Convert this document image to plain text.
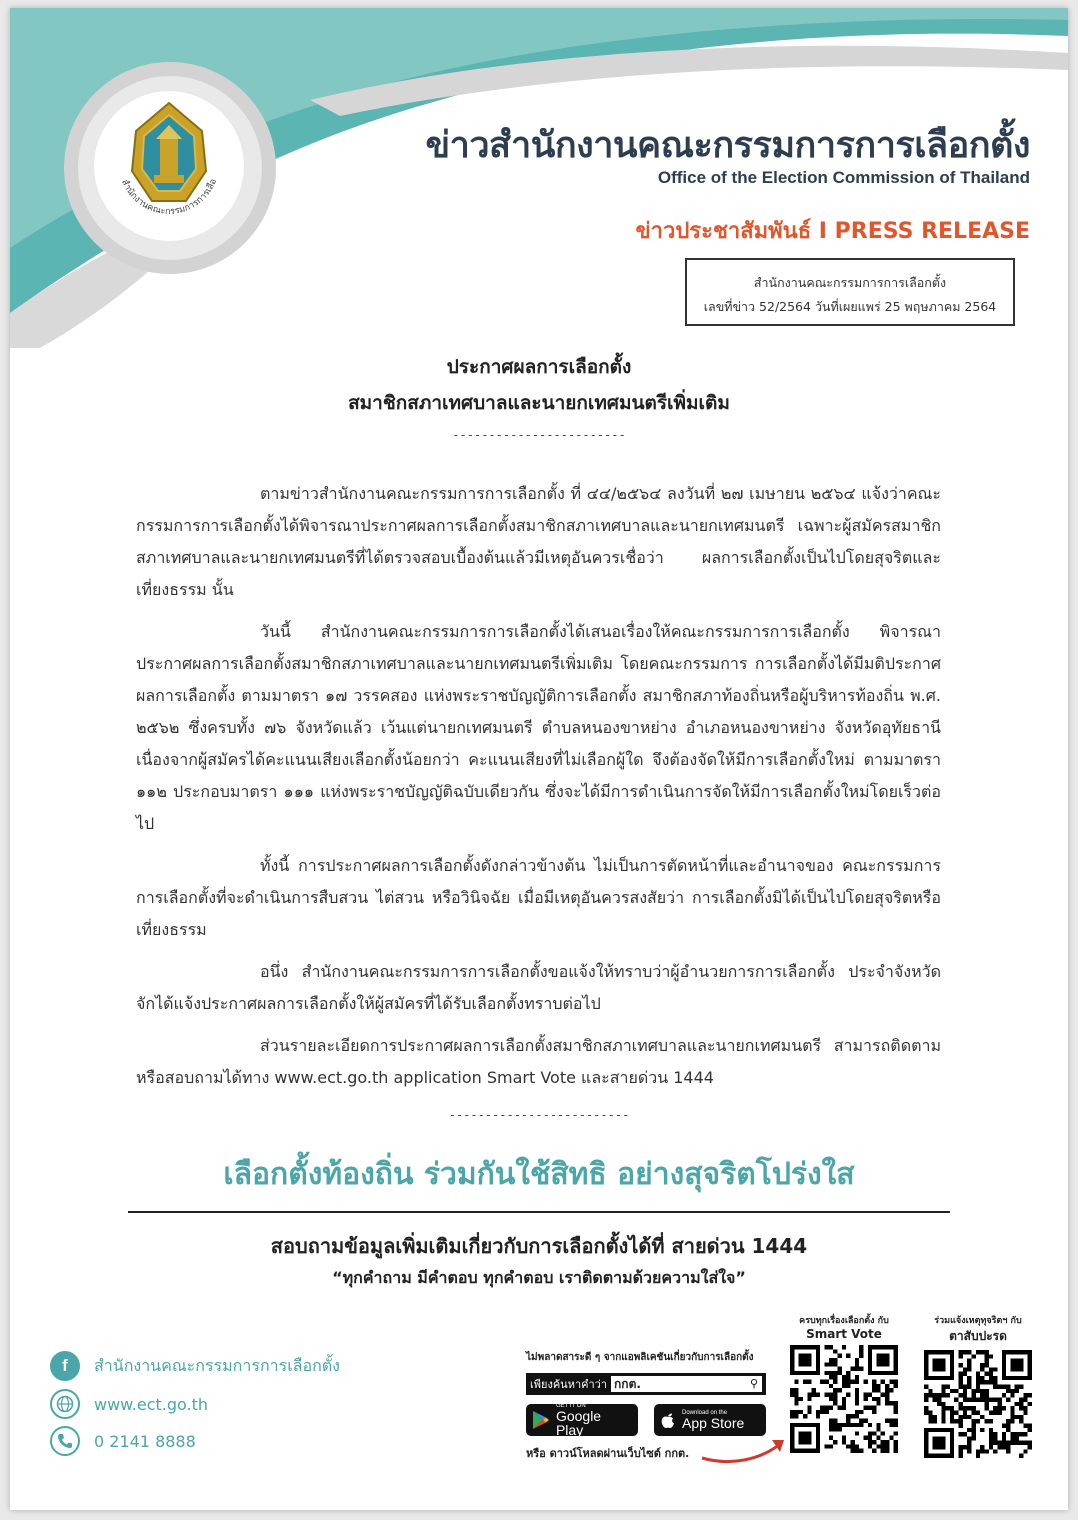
สำนักงานคณะกรรมการการเลือ
ข่าวสำนักงานคณะกรรมการการเลือกตั้ง
Office of the Election Commission of Thailand
ข่าวประชาสัมพันธ์ I PRESS RELEASE
สำนักงานคณะกรรมการการเลือกตั้ง
เลขที่ข่าว 52/2564 วันที่เผยแพร่ 25 พฤษภาคม 2564
ประกาศผลการเลือกตั้ง
สมาชิกสภาเทศบาลและนายกเทศมนตรีเพิ่มเติม
------------------------

ตามข่าวสำนักงานคณะกรรมการการเลือกตั้ง ที่ ๔๔/๒๕๖๔ ลงวันที่ ๒๗ เมษายน ๒๕๖๔ แจ้งว่าคณะกรรมการการเลือกตั้งได้พิจารณาประกาศผลการเลือกตั้งสมาชิกสภาเทศบาลและนายกเทศมนตรี เฉพาะผู้สมัครสมาชิกสภาเทศบาลและนายกเทศมนตรีที่ได้ตรวจสอบเบื้องต้นแล้วมีเหตุอันควรเชื่อว่า ผลการเลือกตั้งเป็นไปโดยสุจริตและเที่ยงธรรม นั้น

วันนี้ สำนักงานคณะกรรมการการเลือกตั้งได้เสนอเรื่องให้คณะกรรมการการเลือกตั้ง พิจารณาประกาศผลการเลือกตั้งสมาชิกสภาเทศบาลและนายกเทศมนตรีเพิ่มเติม โดยคณะกรรมการ การเลือกตั้งได้มีมติประกาศผลการเลือกตั้ง ตามมาตรา ๑๗ วรรคสอง แห่งพระราชบัญญัติการเลือกตั้ง สมาชิกสภาท้องถิ่นหรือผู้บริหารท้องถิ่น พ.ศ. ๒๕๖๒ ซึ่งครบทั้ง ๗๖ จังหวัดแล้ว เว้นแต่นายกเทศมนตรี ตำบลหนองขาหย่าง อำเภอหนองขาหย่าง จังหวัดอุทัยธานี เนื่องจากผู้สมัครได้คะแนนเสียงเลือกตั้งน้อยกว่า คะแนนเสียงที่ไม่เลือกผู้ใด จึงต้องจัดให้มีการเลือกตั้งใหม่ ตามมาตรา ๑๑๒ ประกอบมาตรา ๑๑๑ แห่งพระราชบัญญัติฉบับเดียวกัน ซึ่งจะได้มีการดำเนินการจัดให้มีการเลือกตั้งใหม่โดยเร็วต่อไป

ทั้งนี้ การประกาศผลการเลือกตั้งดังกล่าวข้างต้น ไม่เป็นการตัดหน้าที่และอำนาจของ คณะกรรมการการเลือกตั้งที่จะดำเนินการสืบสวน ไต่สวน หรือวินิจฉัย เมื่อมีเหตุอันควรสงสัยว่า การเลือกตั้งมิได้เป็นไปโดยสุจริตหรือเที่ยงธรรม

อนึ่ง สำนักงานคณะกรรมการการเลือกตั้งขอแจ้งให้ทราบว่าผู้อำนวยการการเลือกตั้ง ประจำจังหวัดจักได้แจ้งประกาศผลการเลือกตั้งให้ผู้สมัครที่ได้รับเลือกตั้งทราบต่อไป

ส่วนรายละเอียดการประกาศผลการเลือกตั้งสมาชิกสภาเทศบาลและนายกเทศมนตรี สามารถติดตามหรือสอบถามได้ทาง www.ect.go.th application Smart Vote และสายด่วน 1444

-------------------------
เลือกตั้งท้องถิ่น ร่วมกันใช้สิทธิ อย่างสุจริตโปร่งใส
สอบถามข้อมูลเพิ่มเติมเกี่ยวกับการเลือกตั้งได้ที่ สายด่วน 1444
“ทุกคำถาม มีคำตอบ ทุกคำตอบ เราติดตามด้วยความใส่ใจ”
f	สำนักงานคณะกรรมการการเลือกตั้ง
www.ect.go.th
0 2141 8888
ไม่พลาดสาระดี ๆ จากแอพลิเคชันเกี่ยวกับการเลือกตั้ง
เพียงค้นหาคำว่า กกต.	⚲
GET IT ON
Google Play
Download on the
App Store
หรือ ดาวน์โหลดผ่านเว็บไซต์ กกต.
ครบทุกเรื่องเลือกตั้ง กับ
Smart Vote
ร่วมแจ้งเหตุทุจริตฯ กับ
ตาสับปะรด
